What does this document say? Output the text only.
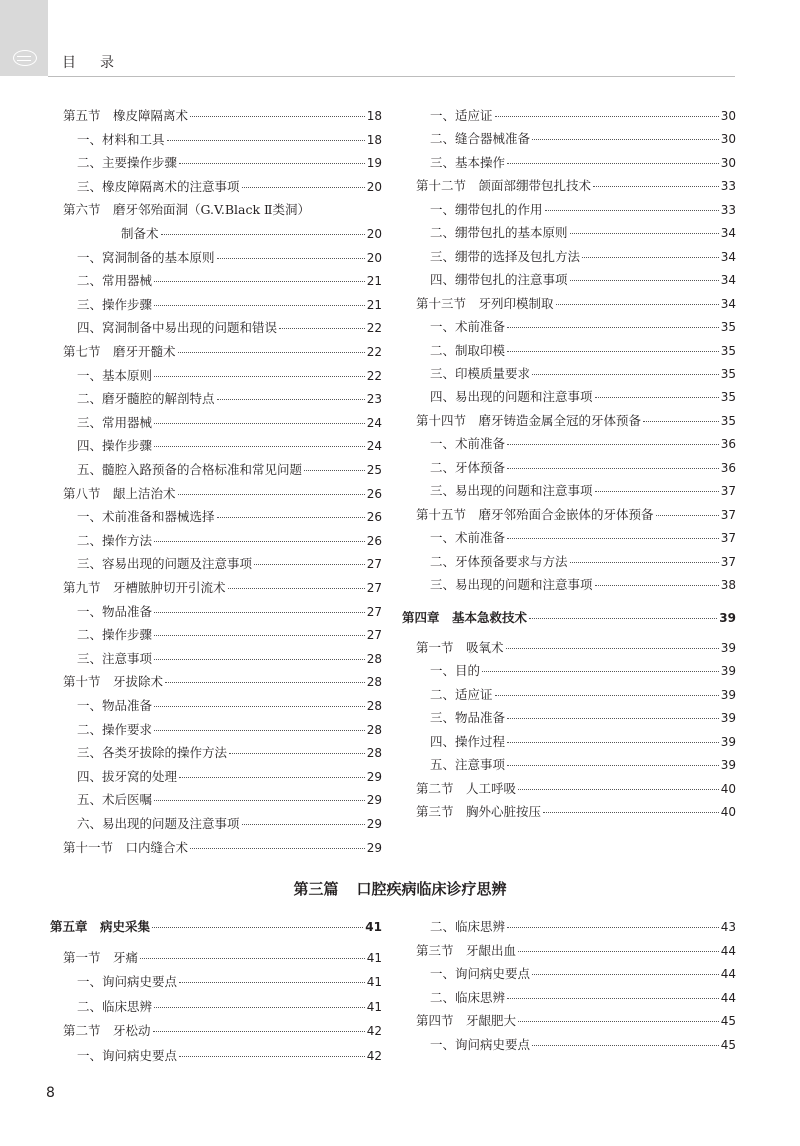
目 录
第五节　橡皮障隔离术	18
一、材料和工具	18
二、主要操作步骤	19
三、橡皮障隔离术的注意事项	20
第六节　磨牙邻殆面洞（G.V.Black Ⅱ类洞）
制备术	20
一、窝洞制备的基本原则	20
二、常用器械	21
三、操作步骤	21
四、窝洞制备中易出现的问题和错误	22
第七节　磨牙开髓术	22
一、基本原则	22
二、磨牙髓腔的解剖特点	23
三、常用器械	24
四、操作步骤	24
五、髓腔入路预备的合格标准和常见问题	25
第八节　龈上洁治术	26
一、术前准备和器械选择	26
二、操作方法	26
三、容易出现的问题及注意事项	27
第九节　牙槽脓肿切开引流术	27
一、物品准备	27
二、操作步骤	27
三、注意事项	28
第十节　牙拔除术	28
一、物品准备	28
二、操作要求	28
三、各类牙拔除的操作方法	28
四、拔牙窝的处理	29
五、术后医嘱	29
六、易出现的问题及注意事项	29
第十一节　口内缝合术	29
一、适应证	30
二、缝合器械准备	30
三、基本操作	30
第十二节　颌面部绷带包扎技术	33
一、绷带包扎的作用	33
二、绷带包扎的基本原则	34
三、绷带的选择及包扎方法	34
四、绷带包扎的注意事项	34
第十三节　牙列印模制取	34
一、术前准备	35
二、制取印模	35
三、印模质量要求	35
四、易出现的问题和注意事项	35
第十四节　磨牙铸造金属全冠的牙体预备	35
一、术前准备	36
二、牙体预备	36
三、易出现的问题和注意事项	37
第十五节　磨牙邻殆面合金嵌体的牙体预备	37
一、术前准备	37
二、牙体预备要求与方法	37
三、易出现的问题和注意事项	38
第四章　基本急救技术	39
第一节　吸氧术	39
一、目的	39
二、适应证	39
三、物品准备	39
四、操作过程	39
五、注意事项	39
第二节　人工呼吸	40
第三节　胸外心脏按压	40
第五章　病史采集	41
第一节　牙痛	41
一、询问病史要点	41
二、临床思辨	41
第二节　牙松动	42
一、询问病史要点	42
二、临床思辨	43
第三节　牙龈出血	44
一、询问病史要点	44
二、临床思辨	44
第四节　牙龈肥大	45
一、询问病史要点	45
第三篇 口腔疾病临床诊疗思辨
8
